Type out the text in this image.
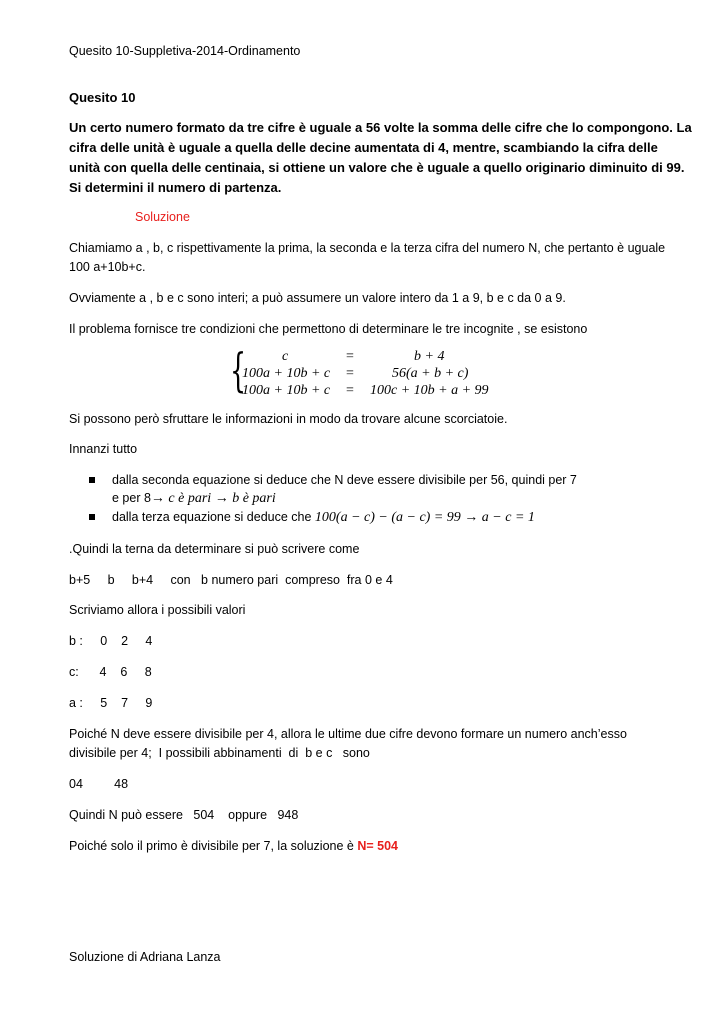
Quesito 10-Suppletiva-2014-Ordinamento
Quesito 10
Un certo numero formato da tre cifre è uguale a 56 volte la somma delle cifre che lo compongono. La
cifra delle unità è uguale a quella delle decine aumentata di 4, mentre, scambiando la cifra delle
unità con quella delle centinaia, si ottiene un valore che è uguale a quello originario diminuito di 99.
Si determini il numero di partenza.
Soluzione
Chiamiamo a , b, c rispettivamente la prima, la seconda e la terza cifra del numero N, che pertanto è uguale
100 a+10b+c.
Ovviamente a , b e c sono interi; a può assumere un valore intero da 1 a 9, b e c da 0 a 9.
Il problema fornisce tre condizioni che permettono di determinare le tre incognite , se esistono
{	c	=	b + 4
100a + 10b + c =	56(a + b + c)
100a + 10b + c = 100c + 10b + a + 99
Si possono però sfruttare le informazioni in modo da trovare alcune scorciatoie.
Innanzi tutto
dalla seconda equazione si deduce che N deve essere divisibile per 56, quindi per 7
e per 8→ c è pari → b è pari
dalla terza equazione si deduce che 100(a − c) − (a − c) = 99 → a − c = 1
.Quindi la terna da determinare si può scrivere come
b+5     b     b+4     con   b numero pari  compreso  fra 0 e 4
Scriviamo allora i possibili valori
b :     0    2     4
c:      4    6     8
a :     5    7     9
Poiché N deve essere divisibile per 4, allora le ultime due cifre devono formare un numero anch’esso
divisibile per 4;  I possibili abbinamenti  di  b e c   sono
04         48
Quindi N può essere   504    oppure   948
Poiché solo il primo è divisibile per 7, la soluzione è N= 504
Soluzione di Adriana Lanza
